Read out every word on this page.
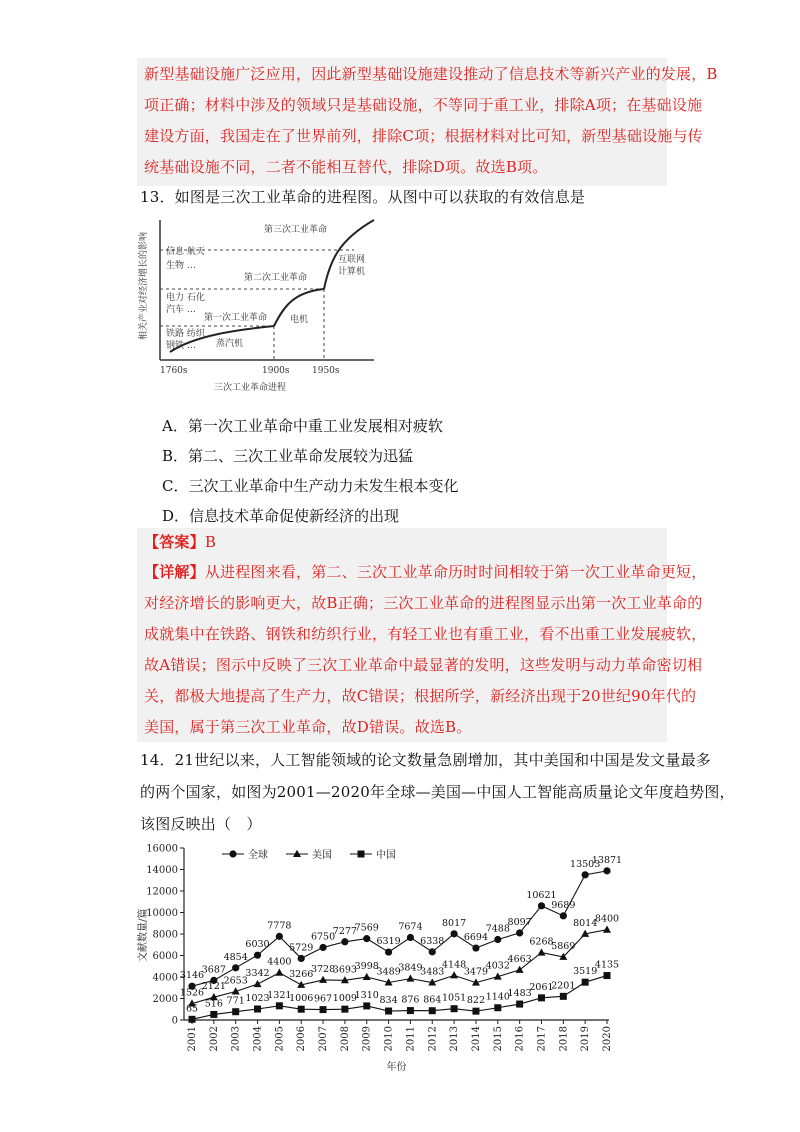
新型基础设施广泛应用，因此新型基础设施建设推动了信息技术等新兴产业的发展，B
项正确；材料中涉及的领域只是基础设施，不等同于重工业，排除A项；在基础设施
建设方面，我国走在了世界前列，排除C项；根据材料对比可知，新型基础设施与传
统基础设施不同，二者不能相互替代，排除D项。故选B项。
13．如图是三次工业革命的进程图。从图中可以获取的有效信息是
相关产业对经济增长的影响
第三次工业革命
第二次工业革命
第一次工业革命
互联网
计算机
电机
蒸汽机
信息 航天
生物 …
电力 石化
汽车 …
铁路 纺织
钢铁 …
1760s	1900s 1950s
三次工业革命进程
A．第一次工业革命中重工业发展相对疲软
B．第二、三次工业革命发展较为迅猛
C．三次工业革命中生产动力未发生根本变化
D．信息技术革命促使新经济的出现
【答案】B
【详解】从进程图来看，第二、三次工业革命历时时间相较于第一次工业革命更短，
对经济增长的影响更大，故B正确；三次工业革命的进程图显示出第一次工业革命的
成就集中在铁路、钢铁和纺织行业，有轻工业也有重工业，看不出重工业发展疲软，
故A错误；图示中反映了三次工业革命中最显著的发明，这些发明与动力革命密切相
关，都极大地提高了生产力，故C错误；根据所学，新经济出现于20世纪90年代的
美国，属于第三次工业革命，故D错误。故选B。
14．21世纪以来，人工智能领域的论文数量急剧增加，其中美国和中国是发文量最多
的两个国家，如图为2001—2020年全球—美国—中国人工智能高质量论文年度趋势图，
该图反映出（　）
0
2000
4000
6000
8000
10000
12000
14000
16000
2001 2002 2003 2004 2005 2006 2007 2008 2009 2010 2011 2012 2013 2014 2015 2016 2017 2018 2019 2020
文献数量/篇
年份
3146
3687
4854
6030
7778
5729
6750
7277
7569
6319
7674
6338
8017
6694
7488
8097
10621
9689
13503
13871
1526
2121
2653
3342
4400
3266
3728
3693
3998
3489
3849
3483
4148
3479
4032
4663
6268
5869
8014
8400
65 516 771 1023
1321
1006 967 1009
1310 834 876 864 1051 822 1140
1483
2061
2201
3519
4135
全球	美国	中国
